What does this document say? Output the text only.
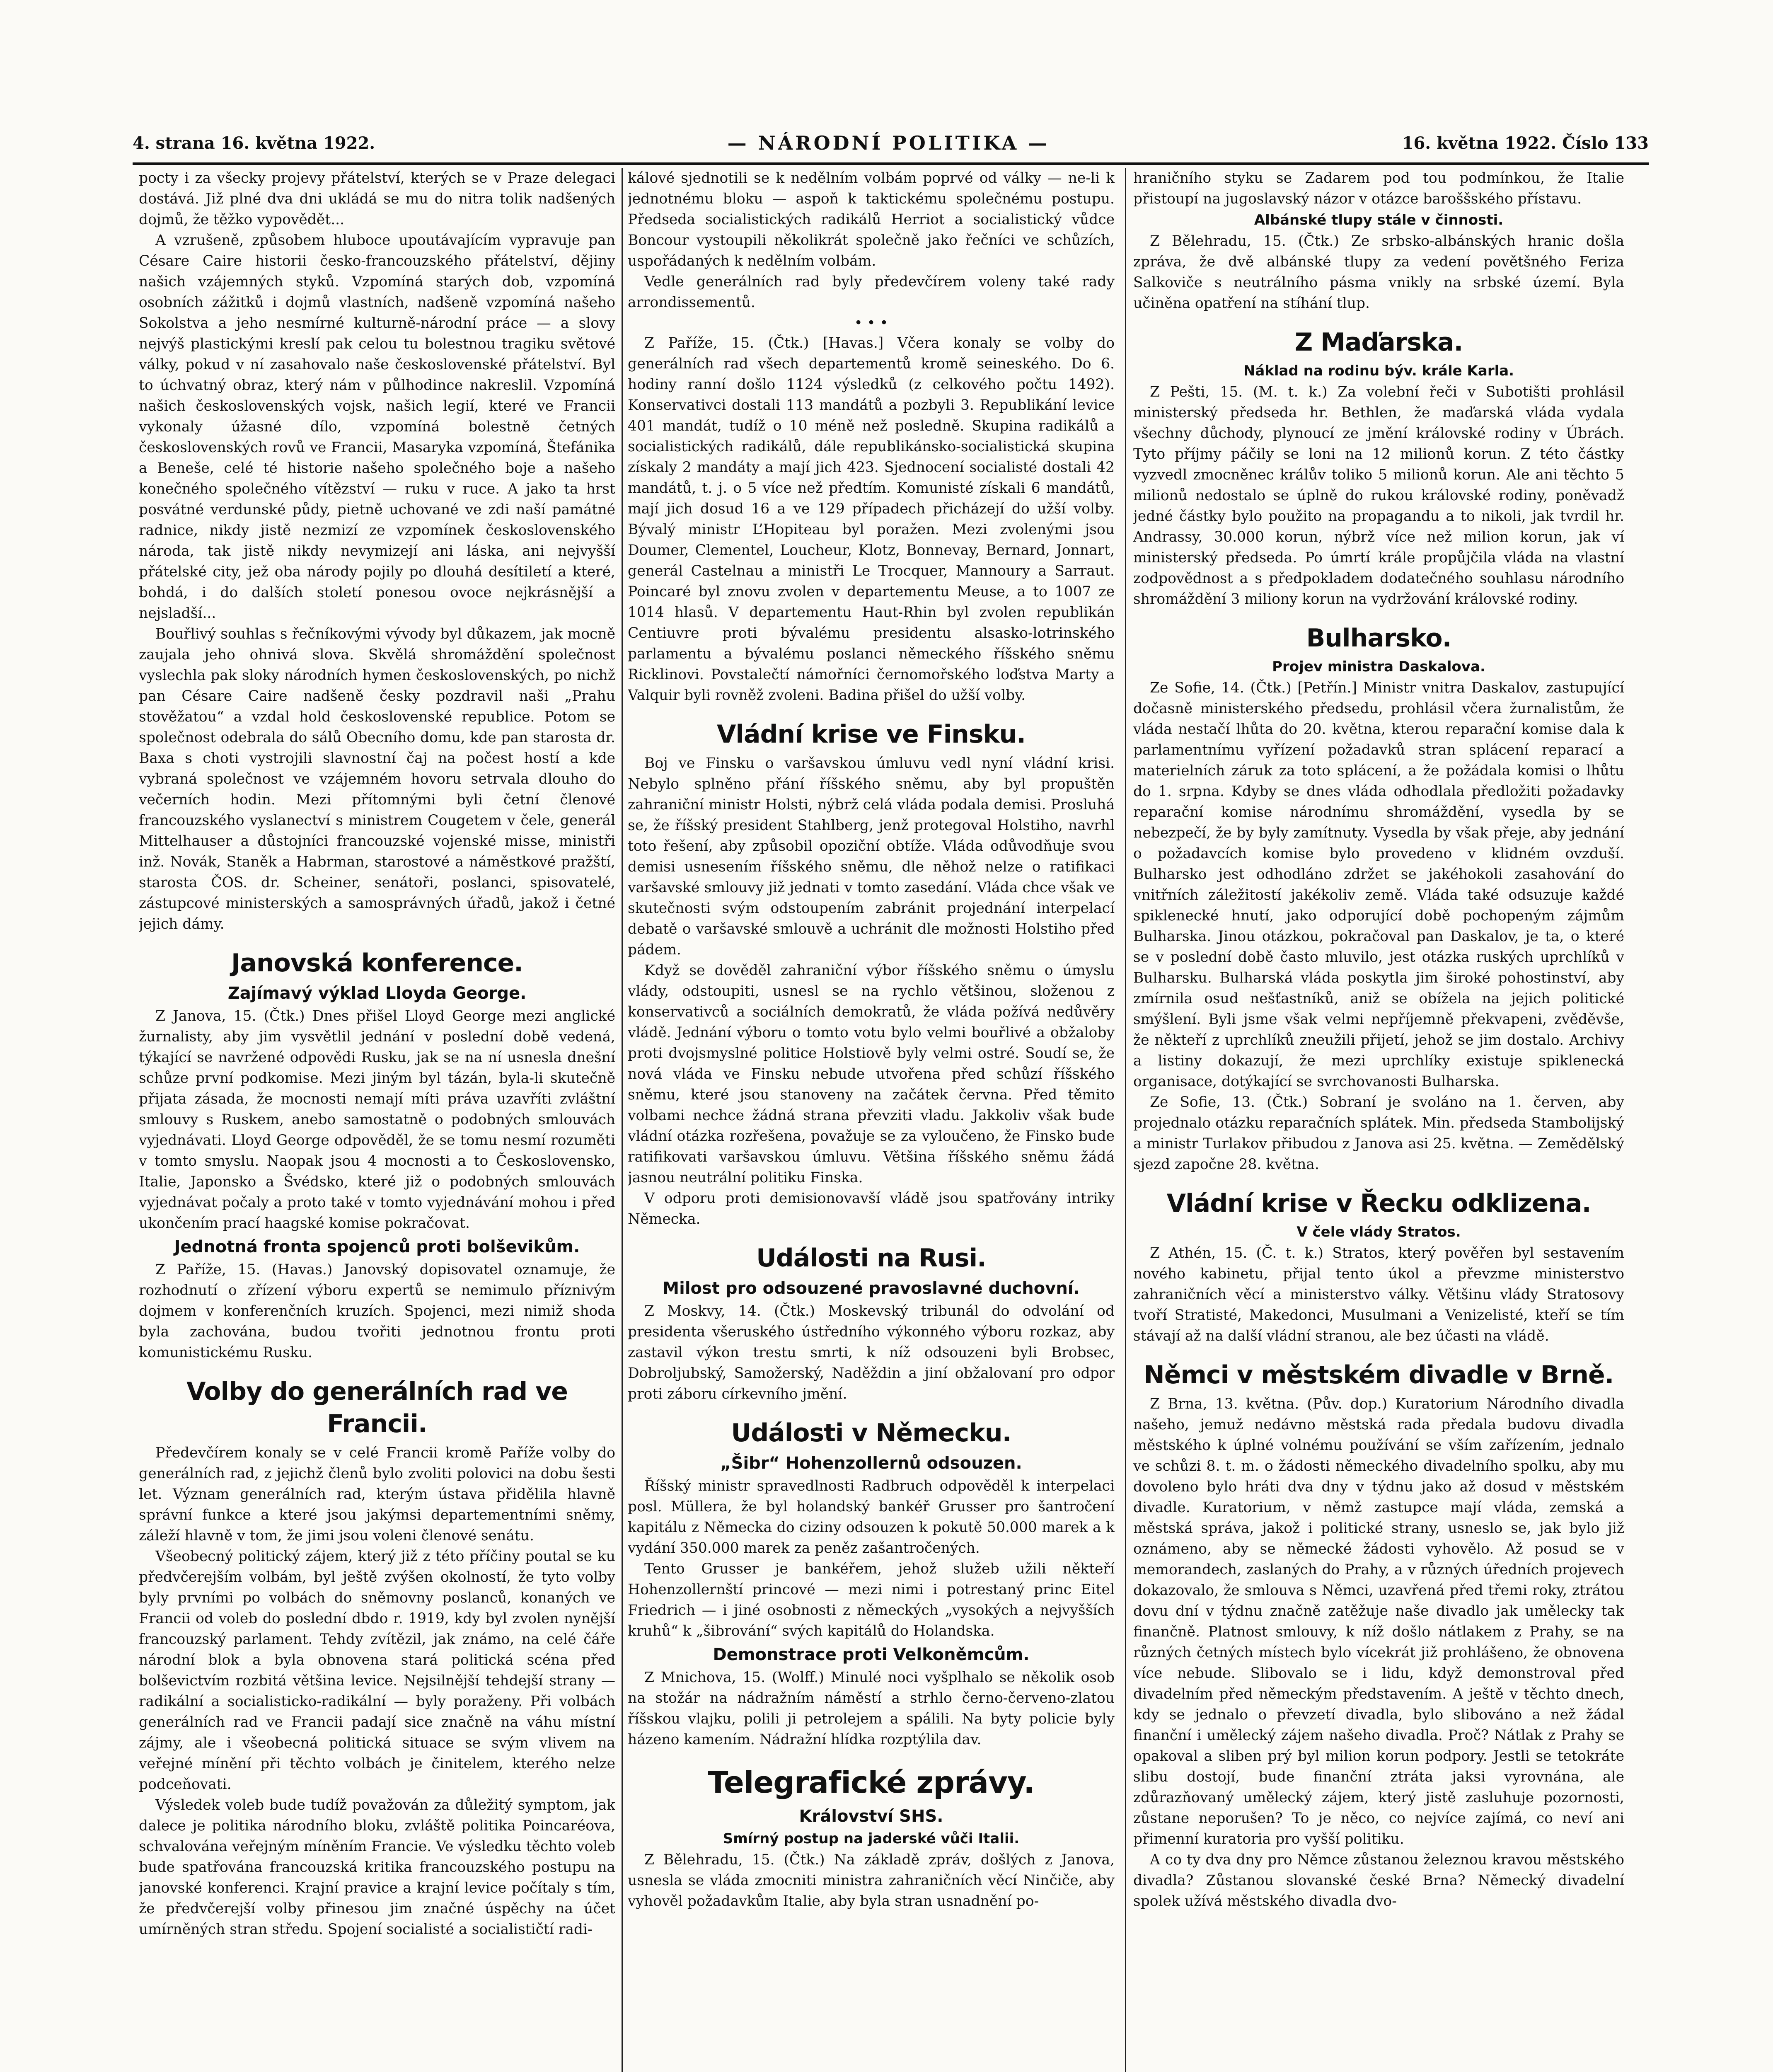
4. strana 16. května 1922.	— NÁRODNÍ POLITIKA —	16. května 1922. Číslo 133

pocty i za všecky projevy přátelství, kterých se v Praze delegaci dostává. Již plné dva dni ukládá se mu do nitra tolik nadšených dojmů, že těžko vypovědět...

A vzrušeně, způsobem hluboce upoutávajícím vypravuje pan Césare Caire historii česko-francouzského přátelství, dějiny našich vzájemných styků. Vzpomíná starých dob, vzpomíná osobních zážitků i dojmů vlastních, nadšeně vzpomíná našeho Sokolstva a jeho nesmírné kulturně-národní práce — a slovy nejvýš plastickými kreslí pak celou tu bolestnou tragiku světové války, pokud v ní zasahovalo naše československé přátelství. Byl to úchvatný obraz, který nám v půlhodince nakreslil. Vzpomíná našich československých vojsk, našich legií, které ve Francii vykonaly úžasné dílo, vzpomíná bolestně četných československých rovů ve Francii, Masaryka vzpomíná, Štefánika a Beneše, celé té historie našeho společného boje a našeho konečného společného vítězství — ruku v ruce. A jako ta hrst posvátné verdunské půdy, pietně uchované ve zdi naší památné radnice, nikdy jistě nezmizí ze vzpomínek československého národa, tak jistě nikdy nevymizejí ani láska, ani nejvyšší přátelské city, jež oba národy pojily po dlouhá desítiletí a které, bohdá, i do dalších století ponesou ovoce nejkrásnější a nejsladší...

Bouřlivý souhlas s řečníkovými vývody byl důkazem, jak mocně zaujala jeho ohnivá slova. Skvělá shromáždění společnost vyslechla pak sloky národních hymen československých, po nichž pan Césare Caire nadšeně česky pozdravil naši „Prahu stověžatou“ a vzdal hold československé republice. Potom se společnost odebrala do sálů Obecního domu, kde pan starosta dr. Baxa s choti vystrojili slavnostní čaj na počest hostí a kde vybraná společnost ve vzájemném hovoru setrvala dlouho do večerních hodin. Mezi přítomnými byli četní členové francouzského vyslanectví s ministrem Cougetem v čele, generál Mittelhauser a důstojníci francouzské vojenské misse, ministři inž. Novák, Staněk a Habrman, starostové a náměstkové pražští, starosta ČOS. dr. Scheiner, senátoři, poslanci, spisovatelé, zástupcové ministerských a samosprávných úřadů, jakož i četné jejich dámy.

Janovská konference.
Zajímavý výklad Lloyda George.

Z Janova, 15. (Čtk.) Dnes přišel Lloyd George mezi anglické žurnalisty, aby jim vysvětlil jednání v poslední době vedená, týkající se navržené odpovědi Rusku, jak se na ní usnesla dnešní schůze první podkomise. Mezi jiným byl tázán, byla-li skutečně přijata zásada, že mocnosti nemají míti práva uzavříti zvláštní smlouvy s Ruskem, anebo samostatně o podobných smlouvách vyjednávati. Lloyd George odpověděl, že se tomu nesmí rozuměti v tomto smyslu. Naopak jsou 4 mocnosti a to Československo, Italie, Japonsko a Švédsko, které již o podobných smlouvách vyjednávat počaly a proto také v tomto vyjednávání mohou i před ukončením prací haagské komise pokračovat.

Jednotná fronta spojenců proti bolševikům.

Z Paříže, 15. (Havas.) Janovský dopisovatel oznamuje, že rozhodnutí o zřízení výboru expertů se nemimulo příznivým dojmem v konferenčních kruzích. Spojenci, mezi nimiž shoda byla zachována, budou tvořiti jednotnou frontu proti komunistickému Rusku.

Volby do generálních rad ve Francii.

Předevčírem konaly se v celé Francii kromě Paříže volby do generálních rad, z jejichž členů bylo zvoliti polovici na dobu šesti let. Význam generálních rad, kterým ústava přidělila hlavně správní funkce a které jsou jakýmsi departementními sněmy, záleží hlavně v tom, že jimi jsou voleni členové senátu.

Všeobecný politický zájem, který již z této příčiny poutal se ku předvčerejším volbám, byl ještě zvýšen okolností, že tyto volby byly prvními po volbách do sněmovny poslanců, konaných ve Francii od voleb do poslední dbdo r. 1919, kdy byl zvolen nynější francouzský parlament. Tehdy zvítězil, jak známo, na celé čáře národní blok a byla obnovena stará politická scéna před bolševictvím rozbitá většina levice. Nejsilnější tehdejší strany — radikální a socialisticko-radikální — byly poraženy. Při volbách generálních rad ve Francii padají sice značně na váhu místní zájmy, ale i všeobecná politická situace se svým vlivem na veřejné mínění při těchto volbách je činitelem, kterého nelze podceňovati.

Výsledek voleb bude tudíž považován za důležitý symptom, jak dalece je politika národního bloku, zvláště politika Poincaréova, schvalována veřejným míněním Francie. Ve výsledku těchto voleb bude spatřována francouzská kritika francouzského postupu na janovské konferenci. Krajní pravice a krajní levice počítaly s tím, že předvčerejší volby přinesou jim značné úspěchy na účet umírněných stran středu. Spojení socialisté a socialističtí radi-

kálové sjednotili se k nedělním volbám poprvé od války — ne-li k jednotnému bloku — aspoň k taktickému společnému postupu. Předseda socialistických radikálů Herriot a socialistický vůdce Boncour vystoupili několikrát společně jako řečníci ve schůzích, uspořádaných k nedělním volbám.

Vedle generálních rad byly předevčírem voleny také rady arrondissementů.

• • •

Z Paříže, 15. (Čtk.) [Havas.] Včera konaly se volby do generálních rad všech departementů kromě seineského. Do 6. hodiny ranní došlo 1124 výsledků (z celkového počtu 1492). Konservativci dostali 113 mandátů a pozbyli 3. Republikání levice 401 mandát, tudíž o 10 méně než posledně. Skupina radikálů a socialistických radikálů, dále republikánsko-socialistická skupina získaly 2 mandáty a mají jich 423. Sjednocení socialisté dostali 42 mandátů, t. j. o 5 více než předtím. Komunisté získali 6 mandátů, mají jich dosud 16 a ve 129 případech přicházejí do užší volby. Bývalý ministr L’Hopiteau byl poražen. Mezi zvolenými jsou Doumer, Clementel, Loucheur, Klotz, Bonnevay, Bernard, Jonnart, generál Castelnau a ministři Le Trocquer, Mannoury a Sarraut. Poincaré byl znovu zvolen v departementu Meuse, a to 1007 ze 1014 hlasů. V departementu Haut-Rhin byl zvolen republikán Centiuvre proti bývalému presidentu alsasko-lotrinského parlamentu a bývalému poslanci německého říšského sněmu Ricklinovi. Povstalečtí námořníci černomořského loďstva Marty a Valquir byli rovněž zvoleni. Badina přišel do užší volby.

Vládní krise ve Finsku.

Boj ve Finsku o varšavskou úmluvu vedl nyní vládní krisi. Nebylo splněno přání říšského sněmu, aby byl propuštěn zahraniční ministr Holsti, nýbrž celá vláda podala demisi. Prosluhá se, že říšský president Stahlberg, jenž protegoval Holstiho, navrhl toto řešení, aby způsobil opoziční obtíže. Vláda odůvodňuje svou demisi usnesením říšského sněmu, dle něhož nelze o ratifikaci varšavské smlouvy již jednati v tomto zasedání. Vláda chce však ve skutečnosti svým odstoupením zabránit projednání interpelací debatě o varšavské smlouvě a uchránit dle možnosti Holstiho před pádem.

Když se dověděl zahraniční výbor říšského sněmu o úmyslu vlády, odstoupiti, usnesl se na rychlo většinou, složenou z konservativců a sociálních demokratů, že vláda požívá nedůvěry vládě. Jednání výboru o tomto votu bylo velmi bouřlivé a obžaloby proti dvojsmyslné politice Holstiově byly velmi ostré. Soudí se, že nová vláda ve Finsku nebude utvořena před schůzí říšského sněmu, které jsou stanoveny na začátek června. Před těmito volbami nechce žádná strana převziti vladu. Jakkoliv však bude vládní otázka rozřešena, považuje se za vyloučeno, že Finsko bude ratifikovati varšavskou úmluvu. Většina říšského sněmu žádá jasnou neutrální politiku Finska.

V odporu proti demisionovavší vládě jsou spatřovány intriky Německa.

Události na Rusi.
Milost pro odsouzené pravoslavné duchovní.

Z Moskvy, 14. (Čtk.) Moskevský tribunál do odvolání od presidenta všeruského ústředního výkonného výboru rozkaz, aby zastavil výkon trestu smrti, k níž odsouzeni byli Brobsec, Dobroljubský, Samožerský, Naděždin a jiní obžalovaní pro odpor proti záboru církevního jmění.

Události v Německu.
„Šibr“ Hohenzollernů odsouzen.

Říšský ministr spravedlnosti Radbruch odpověděl k interpelaci posl. Müllera, že byl holandský bankéř Grusser pro šantročení kapitálu z Německa do ciziny odsouzen k pokutě 50.000 marek a k vydání 350.000 marek za peněz zašantročených.

Tento Grusser je bankéřem, jehož služeb užili někteří Hohenzollernští princové — mezi nimi i potrestaný princ Eitel Friedrich — i jiné osobnosti z německých „vysokých a nejvyšších kruhů“ k „šibrování“ svých kapitálů do Holandska.

Demonstrace proti Velkoněmcům.

Z Mnichova, 15. (Wolff.) Minulé noci vyšplhalo se několik osob na stožár na nádražním náměstí a strhlo černo-červeno-zlatou říšskou vlajku, polili ji petrolejem a spálili. Na byty policie byly házeno kamením. Nádražní hlídka rozptýlila dav.

Telegrafické zprávy.
Království SHS.
Smírný postup na jaderské vůči Italii.

Z Bělehradu, 15. (Čtk.) Na základě zpráv, došlých z Janova, usnesla se vláda zmocniti ministra zahraničních věcí Ninčiče, aby vyhověl požadavkům Italie, aby byla stran usnadnění po-

hraničního styku se Zadarem pod tou podmínkou, že Italie přistoupí na jugoslavský názor v otázce baroššského přístavu.

Albánské tlupy stále v činnosti.

Z Bělehradu, 15. (Čtk.) Ze srbsko-albánských hranic došla zpráva, že dvě albánské tlupy za vedení povětšného Feriza Salkoviče s neutrálního pásma vnikly na srbské území. Byla učiněna opatření na stíhání tlup.

Z Maďarska.
Náklad na rodinu býv. krále Karla.

Z Pešti, 15. (M. t. k.) Za volební řeči v Subotišti prohlásil ministerský předseda hr. Bethlen, že maďarská vláda vydala všechny důchody, plynoucí ze jmění královské rodiny v Úbrách. Tyto příjmy páčily se loni na 12 milionů korun. Z této částky vyzvedl zmocněnec králův toliko 5 milionů korun. Ale ani těchto 5 milionů nedostalo se úplně do rukou královské rodiny, poněvadž jedné částky bylo použito na propagandu a to nikoli, jak tvrdil hr. Andrassy, 30.000 korun, nýbrž více než milion korun, jak ví ministerský předseda. Po úmrtí krále propůjčila vláda na vlastní zodpovědnost a s předpokladem dodatečného souhlasu národního shromáždění 3 miliony korun na vydržování královské rodiny.

Bulharsko.
Projev ministra Daskalova.

Ze Sofie, 14. (Čtk.) [Petřín.] Ministr vnitra Daskalov, zastupující dočasně ministerského předsedu, prohlásil včera žurnalistům, že vláda nestačí lhůta do 20. května, kterou reparační komise dala k parlamentnímu vyřízení požadavků stran splácení reparací a materielních záruk za toto splácení, a že požádala komisi o lhůtu do 1. srpna. Kdyby se dnes vláda odhodlala předložiti požadavky reparační komise národnímu shromáždění, vysedla by se nebezpečí, že by byly zamítnuty. Vysedla by však přeje, aby jednání o požadavcích komise bylo provedeno v klidném ovzduší. Bulharsko jest odhodláno zdržet se jakéhokoli zasahování do vnitřních záležitostí jakékoliv země. Vláda také odsuzuje každé spiklenecké hnutí, jako odporující době pochopeným zájmům Bulharska. Jinou otázkou, pokračoval pan Daskalov, je ta, o které se v poslední době často mluvilo, jest otázka ruských uprchlíků v Bulharsku. Bulharská vláda poskytla jim široké pohostinství, aby zmírnila osud nešťastníků, aniž se obížela na jejich politické smýšlení. Byli jsme však velmi nepříjemně překvapeni, zvěděvše, že někteří z uprchlíků zneužili přijetí, jehož se jim dostalo. Archivy a listiny dokazují, že mezi uprchlíky existuje spiklenecká organisace, dotýkající se svrchovanosti Bulharska.

Ze Sofie, 13. (Čtk.) Sobraní je svoláno na 1. červen, aby projednalo otázku reparačních splátek. Min. předseda Stambolijský a ministr Turlakov přibudou z Janova asi 25. května. — Zemědělský sjezd započne 28. května.

Vládní krise v Řecku odklizena.
V čele vlády Stratos.

Z Athén, 15. (Č. t. k.) Stratos, který pověřen byl sestavením nového kabinetu, přijal tento úkol a převzme ministerstvo zahraničních věcí a ministerstvo války. Většinu vlády Stratosovy tvoří Stratisté, Makedonci, Musulmani a Venizelisté, kteří se tím stávají až na další vládní stranou, ale bez účasti na vládě.

Němci v městském divadle v Brně.

Z Brna, 13. května. (Pův. dop.) Kuratorium Národního divadla našeho, jemuž nedávno městská rada předala budovu divadla městského k úplné volnému používání se vším zařízením, jednalo ve schůzi 8. t. m. o žádosti německého divadelního spolku, aby mu dovoleno bylo hráti dva dny v týdnu jako až dosud v městském divadle. Kuratorium, v němž zastupce mají vláda, zemská a městská správa, jakož i politické strany, usneslo se, jak bylo již oznámeno, aby se německé žádosti vyhovělo. Až posud se v memorandech, zaslaných do Prahy, a v různých úředních projevech dokazovalo, že smlouva s Němci, uzavřená před třemi roky, ztrátou dovu dní v týdnu značně zatěžuje naše divadlo jak umělecky tak finančně. Platnost smlouvy, k níž došlo nátlakem z Prahy, se na různých četných místech bylo vícekrát již prohlášeno, že obnovena více nebude. Slibovalo se i lidu, když demonstroval před divadelním před německým představením. A ještě v těchto dnech, kdy se jednalo o převzetí divadla, bylo slibováno a než žádal finanční i umělecký zájem našeho divadla. Proč? Nátlak z Prahy se opakoval a sliben prý byl milion korun podpory. Jestli se tetokráte slibu dostojí, bude finanční ztráta jaksi vyrovnána, ale zdůrazňovaný umělecký zájem, který jistě zasluhuje pozornosti, zůstane neporušen? To je něco, co nejvíce zajímá, co neví ani přimenní kuratoria pro vyšší politiku.

A co ty dva dny pro Němce zůstanou železnou kravou městského divadla? Zůstanou slovanské české Brna? Německý divadelní spolek užívá městského divadla dvo-
